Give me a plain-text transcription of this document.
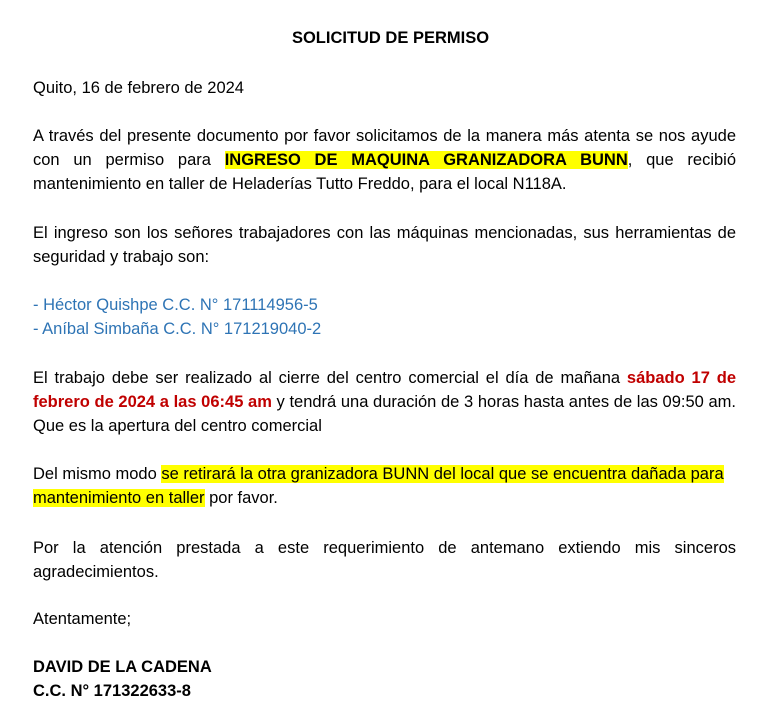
SOLICITUD DE PERMISO
Quito, 16 de febrero de 2024
A través del presente documento por favor solicitamos de la manera más atenta se nos ayude con un permiso para INGRESO DE MAQUINA GRANIZADORA BUNN, que recibió mantenimiento en taller de Heladerías Tutto Freddo, para el local N118A.
El ingreso son los señores trabajadores con las máquinas mencionadas, sus herramientas de seguridad y trabajo son:
- Héctor Quishpe C.C. N° 171114956-5
- Aníbal Simbaña C.C. N° 171219040-2
El trabajo debe ser realizado al cierre del centro comercial el día de mañana sábado 17 de febrero de 2024 a las 06:45 am y tendrá una duración de 3 horas hasta antes de las 09:50 am. Que es la apertura del centro comercial
Del mismo modo se retirará la otra granizadora BUNN del local que se encuentra dañada para mantenimiento en taller por favor.
Por la atención prestada a este requerimiento de antemano extiendo mis sinceros agradecimientos.
Atentamente;
DAVID DE LA CADENA
C.C. N° 171322633-8
